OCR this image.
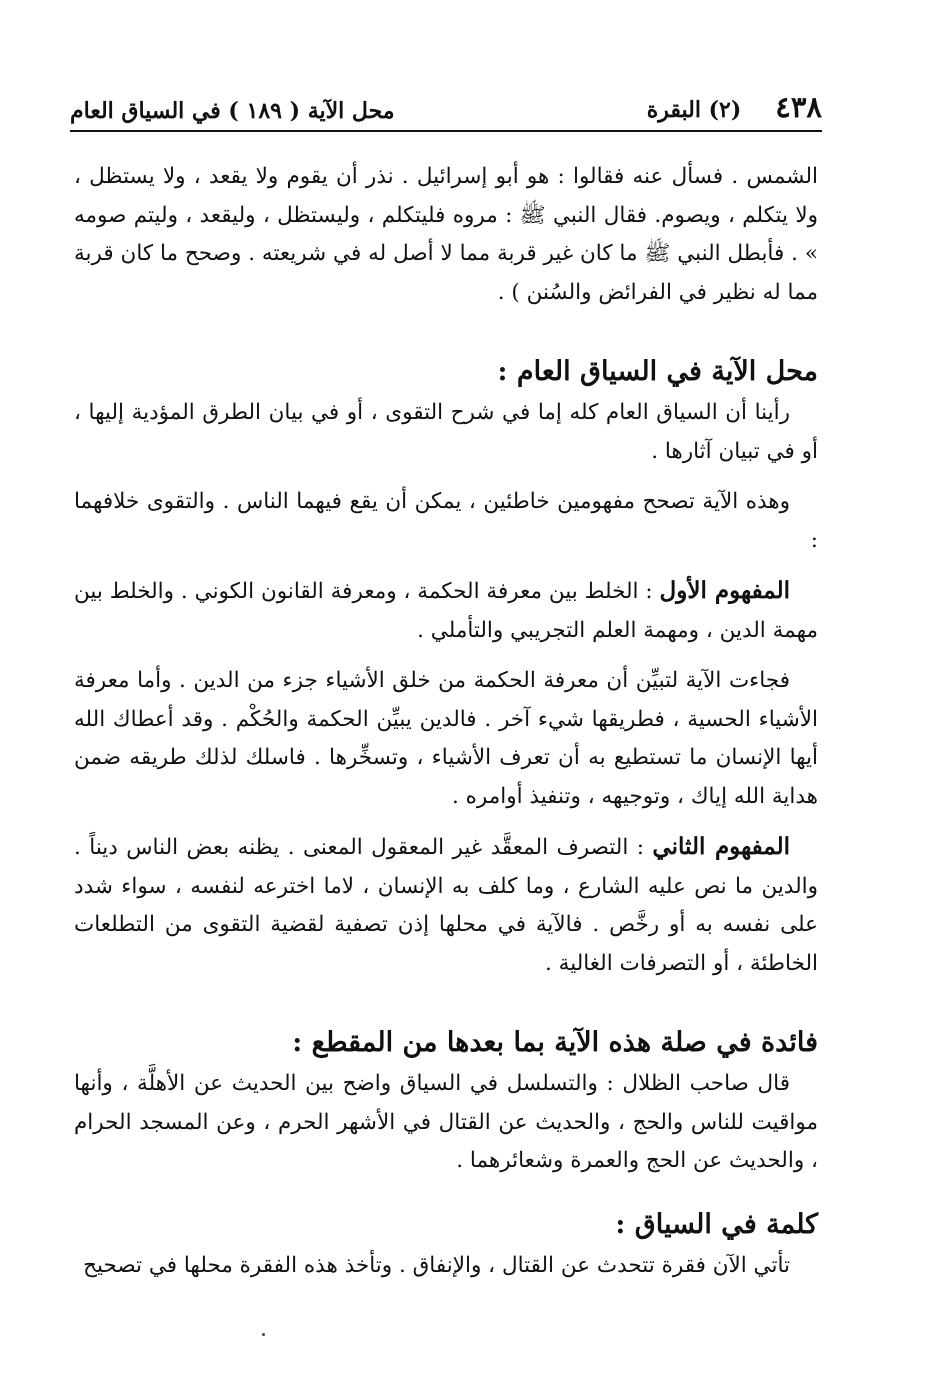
٤٣٨
(٢) البقرة
محل الآية ( ١٨٩ ) في السياق العام

الشمس . فسأل عنه فقالوا : هو أبو إسرائيل . نذر أن يقوم ولا يقعد ، ولا يستظل ، ولا يتكلم ، ويصوم. فقال النبي ﷺ : مروه فليتكلم ، وليستظل ، وليقعد ، وليتم صومه » . فأبطل النبي ﷺ ما كان غير قربة مما لا أصل له في شريعته . وصحح ما كان قربة مما له نظير في الفرائض والسُنن ) .

محل الآية في السياق العام :

رأينا أن السياق العام كله إما في شرح التقوى ، أو في بيان الطرق المؤدية إليها ، أو في تبيان آثارها .

وهذه الآية تصحح مفهومين خاطئين ، يمكن أن يقع فيهما الناس . والتقوى خلافهما :

المفهوم الأول : الخلط بين معرفة الحكمة ، ومعرفة القانون الكوني . والخلط بين مهمة الدين ، ومهمة العلم التجريبي والتأملي .

فجاءت الآية لتبيِّن أن معرفة الحكمة من خلق الأشياء جزء من الدين . وأما معرفة الأشياء الحسية ، فطريقها شيء آخر . فالدين يبيِّن الحكمة والحُكْم . وقد أعطاك الله أيها الإنسان ما تستطيع به أن تعرف الأشياء ، وتسخِّرها . فاسلك لذلك طريقه ضمن هداية الله إياك ، وتوجيهه ، وتنفيذ أوامره .

المفهوم الثاني : التصرف المعقَّد غير المعقول المعنى . يظنه بعض الناس ديناً . والدين ما نص عليه الشارع ، وما كلف به الإنسان ، لاما اخترعه لنفسه ، سواء شدد على نفسه به أو رخَّص . فالآية في محلها إذن تصفية لقضية التقوى من التطلعات الخاطئة ، أو التصرفات الغالية .

فائدة في صلة هذه الآية بما بعدها من المقطع :

قال صاحب الظلال : والتسلسل في السياق واضح بين الحديث عن الأهلَّة ، وأنها مواقيت للناس والحج ، والحديث عن القتال في الأشهر الحرم ، وعن المسجد الحرام ، والحديث عن الحج والعمرة وشعائرهما .

كلمة في السياق :

تأتي الآن فقرة تتحدث عن القتال ، والإنفاق . وتأخذ هذه الفقرة محلها في تصحيح
